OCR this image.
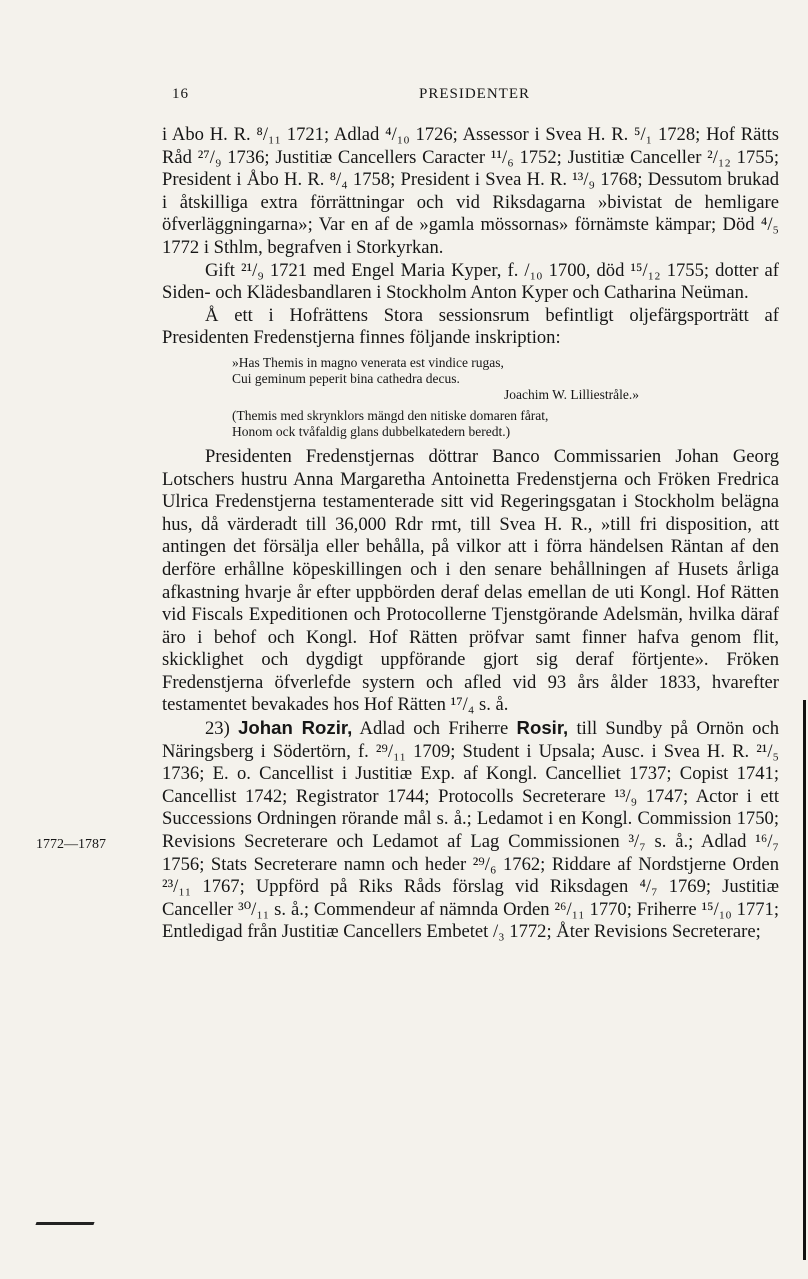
16	PRESIDENTER
1772—1787

i Abo H. R. ⁸/₁₁ 1721; Adlad ⁴/₁₀ 1726; Assessor i Svea H. R. ⁵/₁ 1728; Hof Rätts Råd ²⁷/₉ 1736; Justitiæ Cancellers Caracter ¹¹/₆ 1752; Justitiæ Canceller ²/₁₂ 1755; President i Åbo H. R. ⁸/₄ 1758; President i Svea H. R. ¹³/₉ 1768; Dessutom brukad i åtskilliga extra förrättningar och vid Riksdagarna »bivistat de hemligare öfverläggningarna»; Var en af de »gamla mössornas» förnämste kämpar; Död ⁴/₅ 1772 i Sthlm, begrafven i Storkyrkan.

Gift ²¹/₉ 1721 med Engel Maria Kyper, f. /₁₀ 1700, död ¹⁵/₁₂ 1755; dotter af Siden- och Klädesbandlaren i Stockholm Anton Kyper och Catharina Neüman.

Å ett i Hofrättens Stora sessionsrum befintligt oljefärgsporträtt af Presidenten Fredenstjerna finnes följande inskription:

»Has Themis in magno venerata est vindice rugas,
Cui geminum peperit bina cathedra decus.
Joachim W. Lilliestråle.»
(Themis med skrynklors mängd den nitiske domaren fårat,
Honom ock tvåfaldig glans dubbelkatedern beredt.)

Presidenten Fredenstjernas döttrar Banco Commissarien Johan Georg Lotschers hustru Anna Margaretha Antoinetta Fredenstjerna och Fröken Fredrica Ulrica Fredenstjerna testamenterade sitt vid Regeringsgatan i Stockholm belägna hus, då värderadt till 36,000 Rdr rmt, till Svea H. R., »till fri disposition, att antingen det försälja eller behålla, på vilkor att i förra händelsen Räntan af den derföre erhållne köpeskillingen och i den senare behållningen af Husets årliga afkastning hvarje år efter uppbörden deraf delas emellan de uti Kongl. Hof Rätten vid Fiscals Expeditionen och Protocollerne Tjenstgörande Adelsmän, hvilka däraf äro i behof och Kongl. Hof Rätten pröfvar samt finner hafva genom flit, skicklighet och dygdigt uppförande gjort sig deraf förtjente». Fröken Fredenstjerna öfverlefde systern och afled vid 93 års ålder 1833, hvarefter testamentet bevakades hos Hof Rätten ¹⁷/₄ s. å.

23) Johan Rozir, Adlad och Friherre Rosir, till Sundby på Ornön och Näringsberg i Södertörn, f. ²⁹/₁₁ 1709; Student i Upsala; Ausc. i Svea H. R. ²¹/₅ 1736; E. o. Cancellist i Justitiæ Exp. af Kongl. Cancelliet 1737; Copist 1741; Cancellist 1742; Registrator 1744; Protocolls Secreterare ¹³/₉ 1747; Actor i ett Successions Ordningen rörande mål s. å.; Ledamot i en Kongl. Commission 1750; Revisions Secreterare och Ledamot af Lag Commissionen ³/₇ s. å.; Adlad ¹⁶/₇ 1756; Stats Secreterare namn och heder ²⁹/₆ 1762; Riddare af Nordstjerne Orden ²³/₁₁ 1767; Uppförd på Riks Råds förslag vid Riksdagen ⁴/₇ 1769; Justitiæ Canceller ³⁰/₁₁ s. å.; Commendeur af nämnda Orden ²⁶/₁₁ 1770; Friherre ¹⁵/₁₀ 1771; Entledigad från Justitiæ Cancellers Embetet /₃ 1772; Åter Revisions Secreterare;
